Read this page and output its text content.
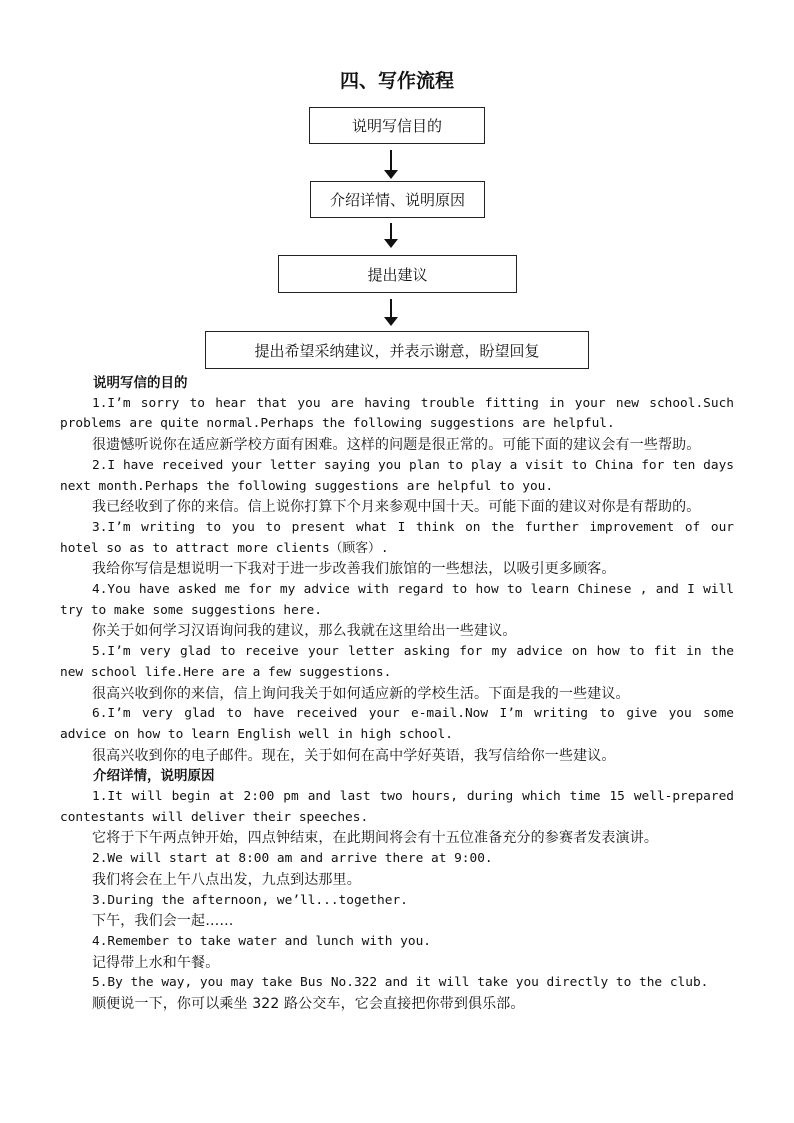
四、写作流程
说明写信目的
介绍详情、说明原因
提出建议
提出希望采纳建议，并表示谢意，盼望回复

说明写信的目的

1.I’m sorry to hear that you are having trouble fitting in your new school.Such problems are quite normal.Perhaps the following suggestions are helpful.

很遗憾听说你在适应新学校方面有困难。这样的问题是很正常的。可能下面的建议会有一些帮助。

2.I have received your letter saying you plan to play a visit to China for ten days next month.Perhaps the following suggestions are helpful to you.

我已经收到了你的来信。信上说你打算下个月来参观中国十天。可能下面的建议对你是有帮助的。

3.I’m writing to you to present what I think on the further improvement of our hotel so as to attract more clients（顾客）.

我给你写信是想说明一下我对于进一步改善我们旅馆的一些想法，以吸引更多顾客。

4.You have asked me for my advice with regard to how to learn Chinese , and I will try to make some suggestions here.

你关于如何学习汉语询问我的建议，那么我就在这里给出一些建议。

5.I’m very glad to receive your letter asking for my advice on how to fit in the new school life.Here are a few suggestions.

很高兴收到你的来信，信上询问我关于如何适应新的学校生活。下面是我的一些建议。

6.I’m very glad to have received your e-mail.Now I’m writing to give you some advice on how to learn English well in high school.

很高兴收到你的电子邮件。现在，关于如何在高中学好英语，我写信给你一些建议。

介绍详情，说明原因

1.It will begin at 2:00 pm and last two hours, during which time 15 well-prepared contestants will deliver their speeches.

它将于下午两点钟开始，四点钟结束，在此期间将会有十五位准备充分的参赛者发表演讲。

2.We will start at 8:00 am and arrive there at 9:00.

我们将会在上午八点出发，九点到达那里。

3.During the afternoon, we’ll...together.

下午，我们会一起……

4.Remember to take water and lunch with you.

记得带上水和午餐。

5.By the way, you may take Bus No.322 and it will take you directly to the club.

顺便说一下，你可以乘坐 322 路公交车，它会直接把你带到俱乐部。
